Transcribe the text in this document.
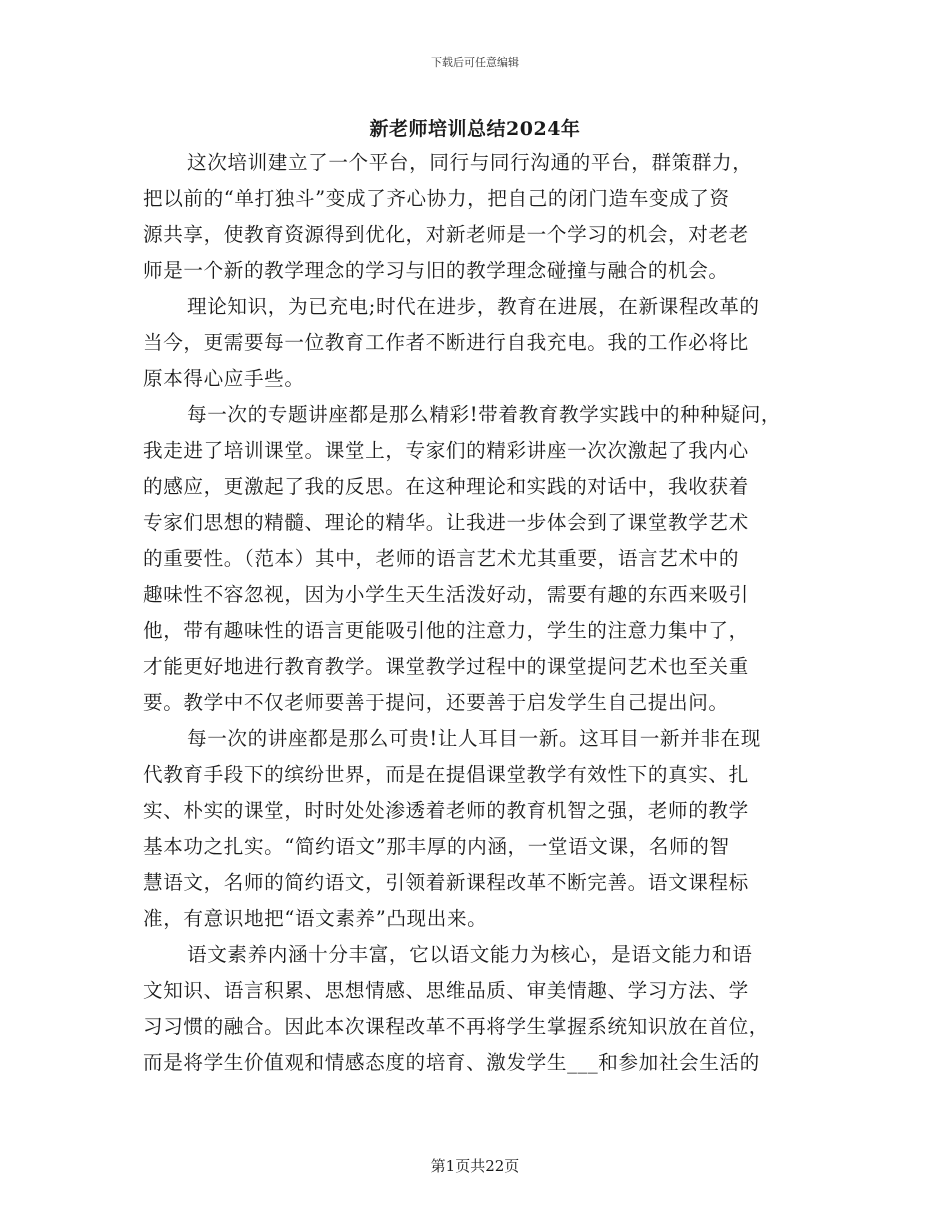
下载后可任意编辑
新老师培训总结2024年
这次培训建立了一个平台，同行与同行沟通的平台，群策群力，
把以前的“单打独斗”变成了齐心协力，把自己的闭门造车变成了资
源共享，使教育资源得到优化，对新老师是一个学习的机会，对老老
师是一个新的教学理念的学习与旧的教学理念碰撞与融合的机会。
理论知识，为已充电;时代在进步，教育在进展，在新课程改革的
当今，更需要每一位教育工作者不断进行自我充电。我的工作必将比
原本得心应手些。
每一次的专题讲座都是那么精彩!带着教育教学实践中的种种疑问，
我走进了培训课堂。课堂上，专家们的精彩讲座一次次激起了我内心
的感应，更激起了我的反思。在这种理论和实践的对话中，我收获着
专家们思想的精髓、理论的精华。让我进一步体会到了课堂教学艺术
的重要性。（范本）其中，老师的语言艺术尤其重要，语言艺术中的
趣味性不容忽视，因为小学生天生活泼好动，需要有趣的东西来吸引
他，带有趣味性的语言更能吸引他的注意力，学生的注意力集中了，
才能更好地进行教育教学。课堂教学过程中的课堂提问艺术也至关重
要。教学中不仅老师要善于提问，还要善于启发学生自己提出问。
每一次的讲座都是那么可贵!让人耳目一新。这耳目一新并非在现
代教育手段下的缤纷世界，而是在提倡课堂教学有效性下的真实、扎
实、朴实的课堂，时时处处渗透着老师的教育机智之强，老师的教学
基本功之扎实。“简约语文”那丰厚的内涵，一堂语文课，名师的智
慧语文，名师的简约语文，引领着新课程改革不断完善。语文课程标
准，有意识地把“语文素养”凸现出来。
语文素养内涵十分丰富，它以语文能力为核心，是语文能力和语
文知识、语言积累、思想情感、思维品质、审美情趣、学习方法、学
习习惯的融合。因此本次课程改革不再将学生掌握系统知识放在首位，
而是将学生价值观和情感态度的培育、激发学生___和参加社会生活的
第1页共22页
